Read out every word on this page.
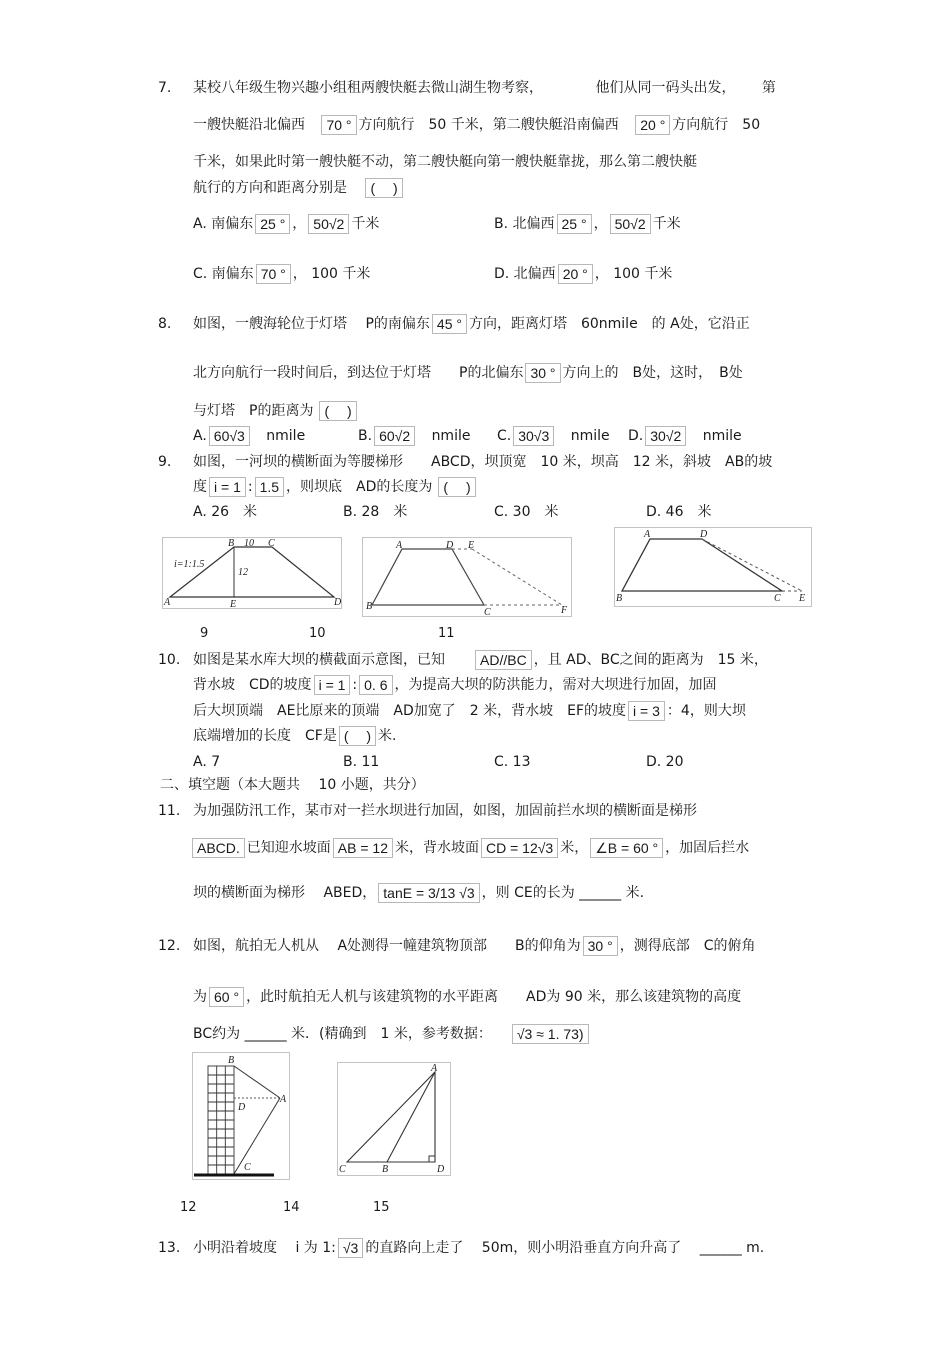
7. 某校八年级生物兴趣小组租两艘快艇去微山湖生物考察，	他们从同一码头出发， 第
一艘快艇沿北偏西 70 ° 方向航行　50 千米，第二艘快艇沿南偏西 20 ° 方向航行　50
千米，如果此时第一艘快艇不动，第二艘快艇向第一艘快艇靠拢，那么第二艘快艇
航行的方向和距离分别是 (　 )
A. 南偏东 25 ° ， 50√2 千米	B. 北偏西 25 ° ， 50√2 千米
C. 南偏东 70 ° ， 100 千米	D. 北偏西 20 ° ， 100 千米
8. 如图，一艘海轮位于灯塔　 P的南偏东 45 ° 方向，距离灯塔　60nmile　的 A处，它沿正
北方向航行一段时间后，到达位于灯塔　　P的北偏东 30 ° 方向上的　B处，这时，　B处
与灯塔　P的距离为 (　 )
A. 60√3 nmile	B. 60√2 nmile C. 30√3 nmile D. 30√2 nmile
9. 如图，一河坝的横断面为等腰梯形　　ABCD，坝顶宽　10 米，坝高　12 米，斜坡　AB的坡
度 i = 1 : 1.5 ，则坝底　AD的长度为 (　 )
A. 26　米	B. 28　米	C. 30　米	D. 46　米
i=1:1.5
A
B	C
D
E
10
12
A
B
C
D E
F
A	D
B	C E
9	10	11
10. 如图是某水库大坝的横截面示意图，已知	AD//BC ，且 AD、BC之间的距离为　15 米，
背水坡　CD的坡度 i = 1 : 0. 6 ，为提高大坝的防洪能力，需对大坝进行加固，加固
后大坝顶端　AE比原来的顶端　AD加宽了　2 米，背水坡　EF的坡度 i = 3 ：4，则大坝
底端增加的长度　CF是 (　 ) 米.
A. 7	B. 11	C. 13	D. 20
二、填空题（本大题共　 10 小题，共分）
11. 为加强防汛工作，某市对一拦水坝进行加固，如图，加固前拦水坝的横断面是梯形
ABCD. 已知迎水坡面 AB = 12 米，背水坡面 CD = 12√3 米， ∠B = 60 ° ，加固后拦水
坝的横断面为梯形　 ABED， tanE = 3/13 √3 ，则 CE的长为 ______ 米.
12. 如图，航拍无人机从　 A处测得一幢建筑物顶部　　B的仰角为 30 ° ，测得底部　C的俯角
为 60 ° ，此时航拍无人机与该建筑物的水平距离　　AD为 90 米，那么该建筑物的高度
BC约为 ______ 米．(精确到　1 米，参考数据： √3 ≈ 1. 73)
B
D
A
C
A
C	B	D
12	14	15
13. 小明沿着坡度　 i 为 1: √3 的直路向上走了　 50m，则小明沿垂直方向升高了　 ______ m.
